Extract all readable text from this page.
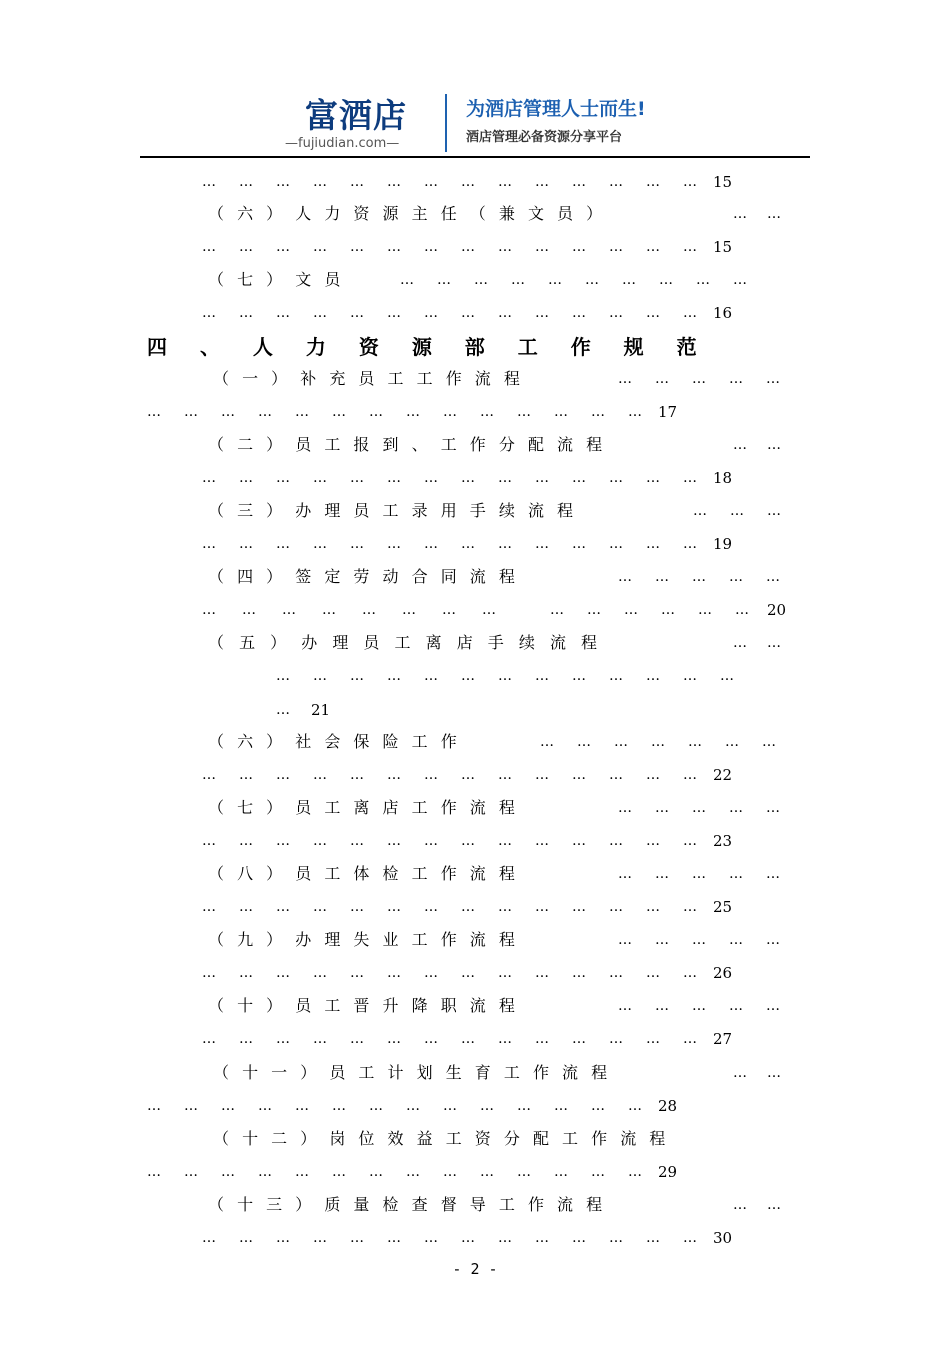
富酒店
—fujiudian.com—
为酒店管理人士而生!
酒店管理必备资源分享平台
…	…	…	…	…	…	…	…	…	…	…	…	…	…	15
（ 六 ） 人 力 资 源 主 任 （ 兼 文 员 ）	…	…
…	…	…	…	…	…	…	…	…	…	…	…	…	…	15
（ 七 ） 文 员	…	…	…	…	…	…	…	…	…	…
…	…	…	…	…	…	…	…	…	…	…	…	…	…	16
四 、 人 力 资 源 部 工 作 规 范
（ 一 ） 补 充 员 工 工 作 流 程	…	…	…	…	…
…	…	…	…	…	…	…	…	…	…	…	…	…	…	17
（ 二 ） 员 工 报 到 、 工 作 分 配 流 程	…	…
…	…	…	…	…	…	…	…	…	…	…	…	…	…	18
（ 三 ） 办 理 员 工 录 用 手 续 流 程	…	…	…
…	…	…	…	…	…	…	…	…	…	…	…	…	…	19
（ 四 ） 签 定 劳 动 合 同 流 程	…	…	…	…	…
…	…	…	…	…	…	…	…	…	…	…	…	…	…	20
（ 五 ） 办 理 员 工 离 店 手 续 流 程	…	…
…	…	…	…	…	…	…	…	…	…	…	…	…
…	21
（ 六 ） 社 会 保 险 工 作	…	…	…	…	…	…	…
…	…	…	…	…	…	…	…	…	…	…	…	…	…	22
（ 七 ） 员 工 离 店 工 作 流 程	…	…	…	…	…
…	…	…	…	…	…	…	…	…	…	…	…	…	…	23
（ 八 ） 员 工 体 检 工 作 流 程	…	…	…	…	…
…	…	…	…	…	…	…	…	…	…	…	…	…	…	25
（ 九 ） 办 理 失 业 工 作 流 程	…	…	…	…	…
…	…	…	…	…	…	…	…	…	…	…	…	…	…	26
（ 十 ） 员 工 晋 升 降 职 流 程	…	…	…	…	…
…	…	…	…	…	…	…	…	…	…	…	…	…	…	27
（ 十 一 ） 员 工 计 划 生 育 工 作 流 程	…	…
…	…	…	…	…	…	…	…	…	…	…	…	…	…	28
（ 十 二 ） 岗 位 效 益 工 资 分 配 工 作 流 程
…	…	…	…	…	…	…	…	…	…	…	…	…	…	29
（ 十 三 ） 质 量 检 查 督 导 工 作 流 程	…	…
…	…	…	…	…	…	…	…	…	…	…	…	…	…	30
- 2 -
